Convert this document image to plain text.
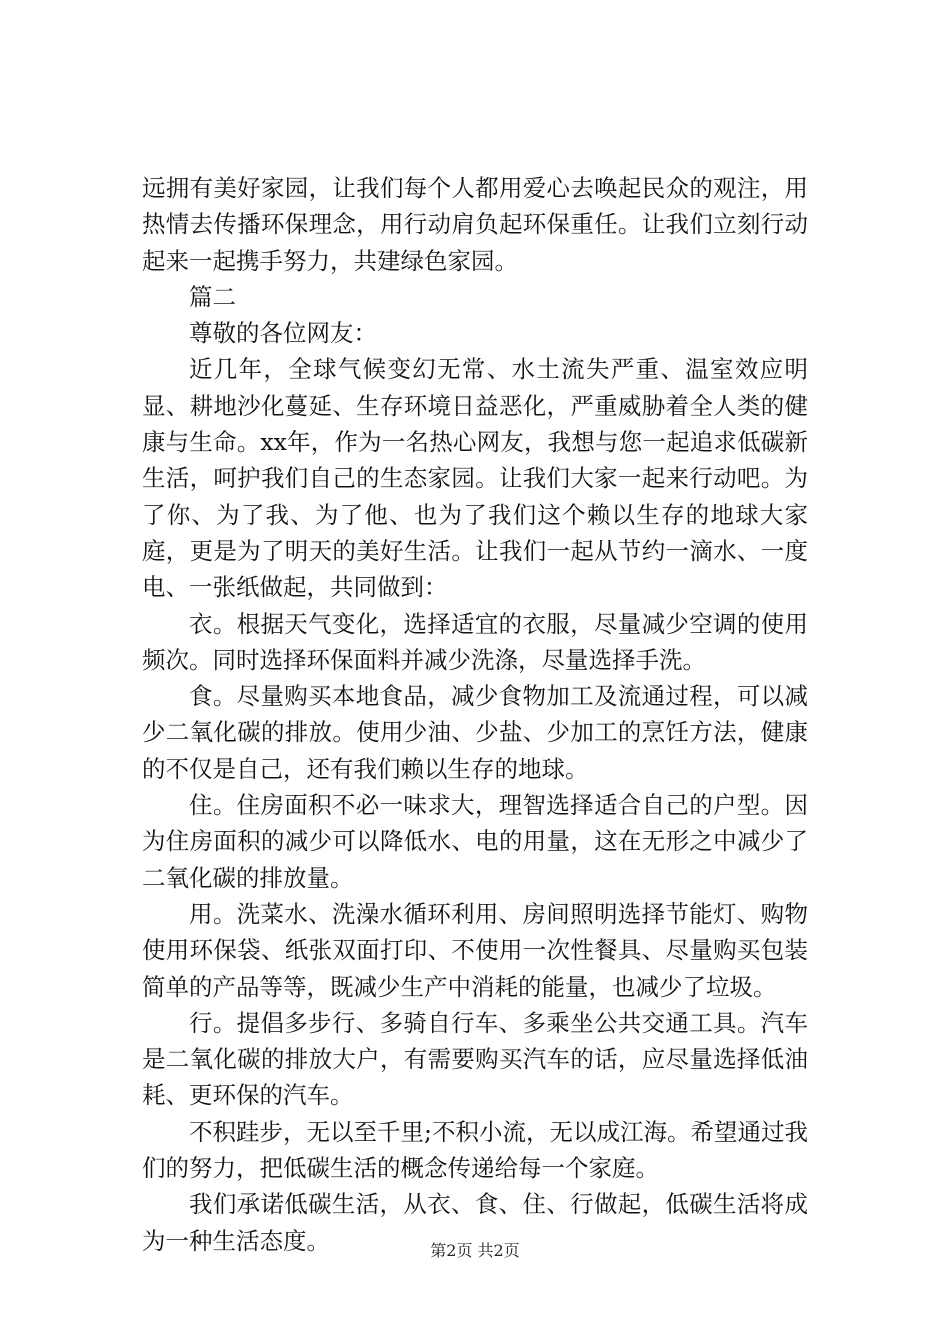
远拥有美好家园，让我们每个人都用爱心去唤起民众的观注，用热情去传播环保理念，用行动肩负起环保重任。让我们立刻行动起来一起携手努力，共建绿色家园。

篇二

尊敬的各位网友：

近几年，全球气候变幻无常、水土流失严重、温室效应明显、耕地沙化蔓延、生存环境日益恶化，严重威胁着全人类的健康与生命。xx年，作为一名热心网友，我想与您一起追求低碳新生活，呵护我们自己的生态家园。让我们大家一起来行动吧。为了你、为了我、为了他、也为了我们这个赖以生存的地球大家庭，更是为了明天的美好生活。让我们一起从节约一滴水、一度电、一张纸做起，共同做到：

衣。根据天气变化，选择适宜的衣服，尽量减少空调的使用频次。同时选择环保面料并减少洗涤，尽量选择手洗。

食。尽量购买本地食品，减少食物加工及流通过程，可以减少二氧化碳的排放。使用少油、少盐、少加工的烹饪方法，健康的不仅是自己，还有我们赖以生存的地球。

住。住房面积不必一味求大，理智选择适合自己的户型。因为住房面积的减少可以降低水、电的用量，这在无形之中减少了二氧化碳的排放量。

用。洗菜水、洗澡水循环利用、房间照明选择节能灯、购物使用环保袋、纸张双面打印、不使用一次性餐具、尽量购买包装简单的产品等等，既减少生产中消耗的能量，也减少了垃圾。

行。提倡多步行、多骑自行车、多乘坐公共交通工具。汽车是二氧化碳的排放大户，有需要购买汽车的话，应尽量选择低油耗、更环保的汽车。

不积跬步，无以至千里;不积小流，无以成江海。希望通过我们的努力，把低碳生活的概念传递给每一个家庭。

我们承诺低碳生活，从衣、食、住、行做起，低碳生活将成为一种生活态度。	第2页 共2页
